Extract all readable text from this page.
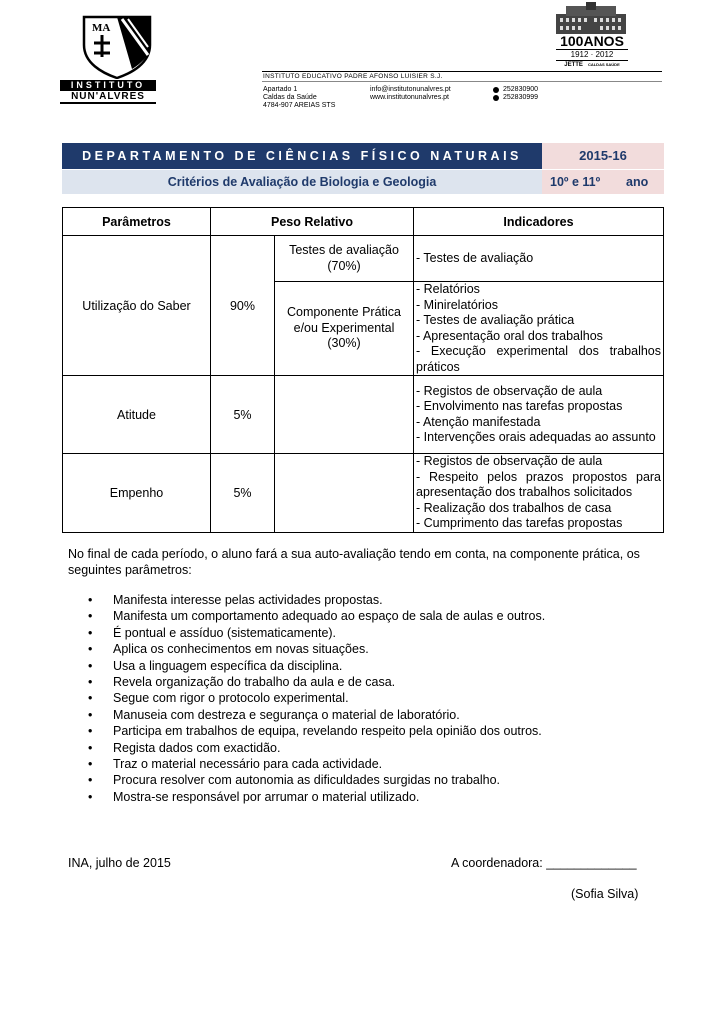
MA
INSTITUTO
NUN'ALVRES
INSTITUTO EDUCATIVO PADRE AFONSO LUISIER S.J.
Apartado 1
Caldas da Saúde
4784-907 AREIAS STS
info@institutonunalvres.pt
www.institutonunalvres.pt
252830900
252830999
100ANOS
1912 · 2012
JETTE CALDAS SAÚDE
DEPARTAMENTO DE CIÊNCIAS FÍSICO NATURAIS	2015-16
Critérios de Avaliação de Biologia e Geologia	10º e 11º ano
Parâmetros	Peso Relativo		Indicadores
Utilização do Saber	90%	Testes de avaliação (70%)	- Testes de avaliação

		Componente Prática e/ou Experimental (30%)	- Relatórios
- Minirelatórios
- Testes de avaliação prática
- Apresentação oral dos trabalhos
- Execução experimental dos trabalhos práticos

Atitude	5%		- Registos de observação de aula
- Envolvimento nas tarefas propostas
- Atenção manifestada
- Intervenções orais adequadas ao assunto

Empenho	5%		- Registos de observação de aula
- Respeito pelos prazos propostos para apresentação dos trabalhos solicitados
- Realização dos trabalhos de casa
- Cumprimento das tarefas propostas
No final de cada período, o aluno fará a sua auto-avaliação tendo em conta, na componente prática, os seguintes parâmetros:
• Manifesta interesse pelas actividades propostas.
• Manifesta um comportamento adequado ao espaço de sala de aulas e outros.
• É pontual e assíduo (sistematicamente).
• Aplica os conhecimentos em novas situações.
• Usa a linguagem específica da disciplina.
• Revela organização do trabalho da aula e de casa.
• Segue com rigor o protocolo experimental.
• Manuseia com destreza e segurança o material de laboratório.
• Participa em trabalhos de equipa, revelando respeito pela opinião dos outros.
• Regista dados com exactidão.
• Traz o material necessário para cada actividade.
• Procura resolver com autonomia as dificuldades surgidas no trabalho.
• Mostra-se responsável por arrumar o material utilizado.
INA, julho de 2015	A coordenadora: _____________
(Sofia Silva)
